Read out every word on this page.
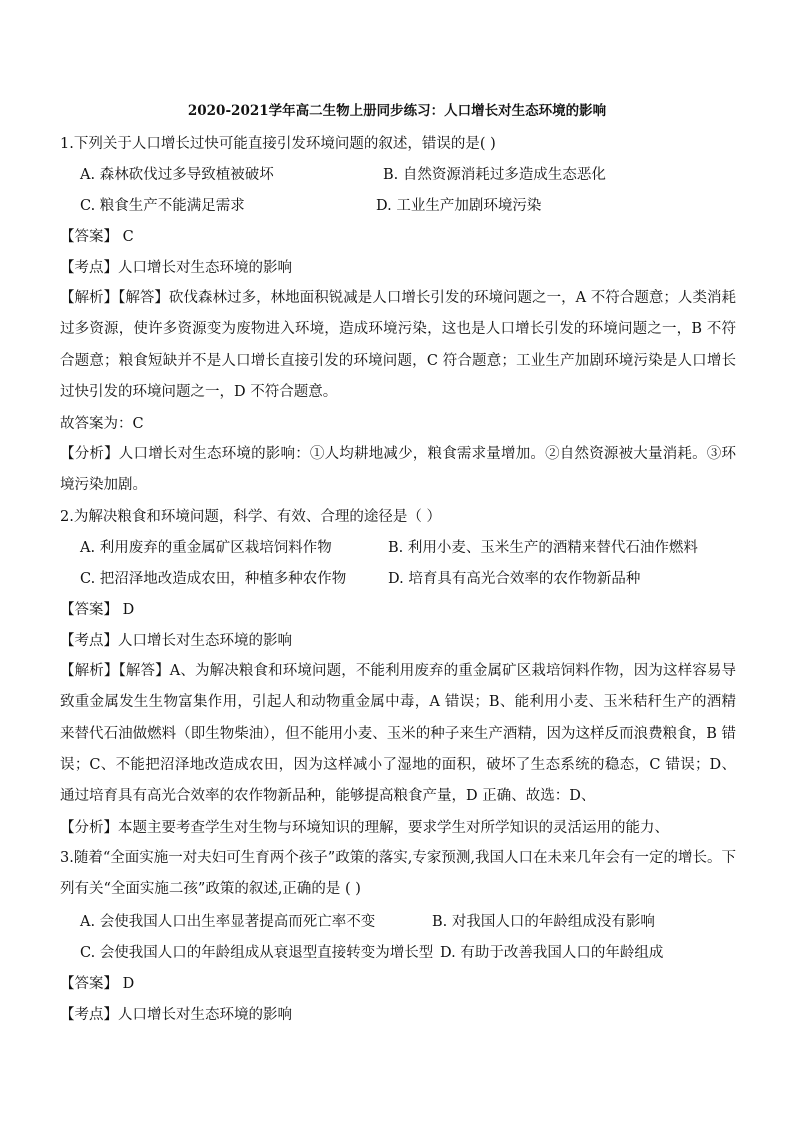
2020-2021学年高二生物上册同步练习：人口增长对生态环境的影响
1.下列关于人口增长过快可能直接引发环境问题的叙述，错误的是( )
A. 森林砍伐过多导致植被破坏	B. 自然资源消耗过多造成生态恶化
C. 粮食生产不能满足需求	D. 工业生产加剧环境污染
【答案】 C
【考点】人口增长对生态环境的影响
【解析】【解答】砍伐森林过多，林地面积锐减是人口增长引发的环境问题之一，A 不符合题意；人类消耗过多资源，使许多资源变为废物进入环境，造成环境污染，这也是人口增长引发的环境问题之一，B 不符合题意；粮食短缺并不是人口增长直接引发的环境问题，C 符合题意；工业生产加剧环境污染是人口增长过快引发的环境问题之一，D 不符合题意。
故答案为：C
【分析】人口增长对生态环境的影响：①人均耕地减少，粮食需求量增加。②自然资源被大量消耗。③环境污染加剧。
2.为解决粮食和环境问题，科学、有效、合理的途径是（ ）
A. 利用废弃的重金属矿区栽培饲料作物	B. 利用小麦、玉米生产的酒精来替代石油作燃料
C. 把沼泽地改造成农田，种植多种农作物	D. 培育具有高光合效率的农作物新品种
【答案】 D
【考点】人口增长对生态环境的影响
【解析】【解答】A、为解决粮食和环境问题，不能利用废弃的重金属矿区栽培饲料作物，因为这样容易导致重金属发生生物富集作用，引起人和动物重金属中毒，A 错误；B、能利用小麦、玉米秸秆生产的酒精来替代石油做燃料（即生物柴油），但不能用小麦、玉米的种子来生产酒精，因为这样反而浪费粮食，B 错误；C、不能把沼泽地改造成农田，因为这样减小了湿地的面积，破坏了生态系统的稳态，C 错误；D、通过培育具有高光合效率的农作物新品种，能够提高粮食产量，D 正确、故选：D、
【分析】本题主要考查学生对生物与环境知识的理解，要求学生对所学知识的灵活运用的能力、
3.随着“全面实施一对夫妇可生育两个孩子”政策的落实,专家预测,我国人口在未来几年会有一定的增长。下列有关“全面实施二孩”政策的叙述,正确的是 ( )
A. 会使我国人口出生率显著提高而死亡率不变	B. 对我国人口的年龄组成没有影响
C. 会使我国人口的年龄组成从衰退型直接转变为增长型 D. 有助于改善我国人口的年龄组成
【答案】 D
【考点】人口增长对生态环境的影响
